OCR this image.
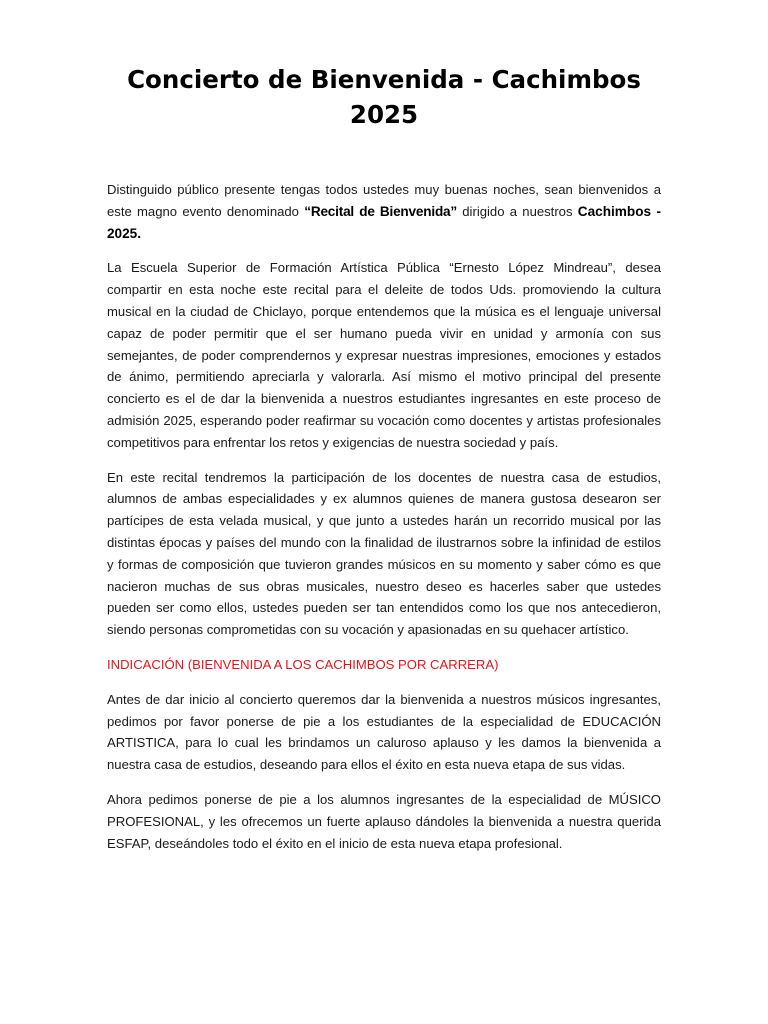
Concierto de Bienvenida - Cachimbos 2025

Distinguido público presente tengas todos ustedes muy buenas noches, sean bienvenidos a este magno evento denominado “Recital de Bienvenida” dirigido a nuestros Cachimbos - 2025.

La Escuela Superior de Formación Artística Pública “Ernesto López Mindreau”, desea compartir en esta noche este recital para el deleite de todos Uds. promoviendo la cultura musical en la ciudad de Chiclayo, porque entendemos que la música es el lenguaje universal capaz de poder permitir que el ser humano pueda vivir en unidad y armonía con sus semejantes, de poder comprendernos y expresar nuestras impresiones, emociones y estados de ánimo, permitiendo apreciarla y valorarla. Así mismo el motivo principal del presente concierto es el de dar la bienvenida a nuestros estudiantes ingresantes en este proceso de admisión 2025, esperando poder reafirmar su vocación como docentes y artistas profesionales competitivos para enfrentar los retos y exigencias de nuestra sociedad y país.

En este recital tendremos la participación de los docentes de nuestra casa de estudios, alumnos de ambas especialidades y ex alumnos quienes de manera gustosa desearon ser partícipes de esta velada musical, y que junto a ustedes harán un recorrido musical por las distintas épocas y países del mundo con la finalidad de ilustrarnos sobre la infinidad de estilos y formas de composición que tuvieron grandes músicos en su momento y saber cómo es que nacieron muchas de sus obras musicales, nuestro deseo es hacerles saber que ustedes pueden ser como ellos, ustedes pueden ser tan entendidos como los que nos antecedieron, siendo personas comprometidas con su vocación y apasionadas en su quehacer artístico.

INDICACIÓN (BIENVENIDA A LOS CACHIMBOS POR CARRERA)

Antes de dar inicio al concierto queremos dar la bienvenida a nuestros músicos ingresantes, pedimos por favor ponerse de pie a los estudiantes de la especialidad de EDUCACIÓN ARTISTICA, para lo cual les brindamos un caluroso aplauso y les damos la bienvenida a nuestra casa de estudios, deseando para ellos el éxito en esta nueva etapa de sus vidas.

Ahora pedimos ponerse de pie a los alumnos ingresantes de la especialidad de MÚSICO PROFESIONAL, y les ofrecemos un fuerte aplauso dándoles la bienvenida a nuestra querida ESFAP, deseándoles todo el éxito en el inicio de esta nueva etapa profesional.
